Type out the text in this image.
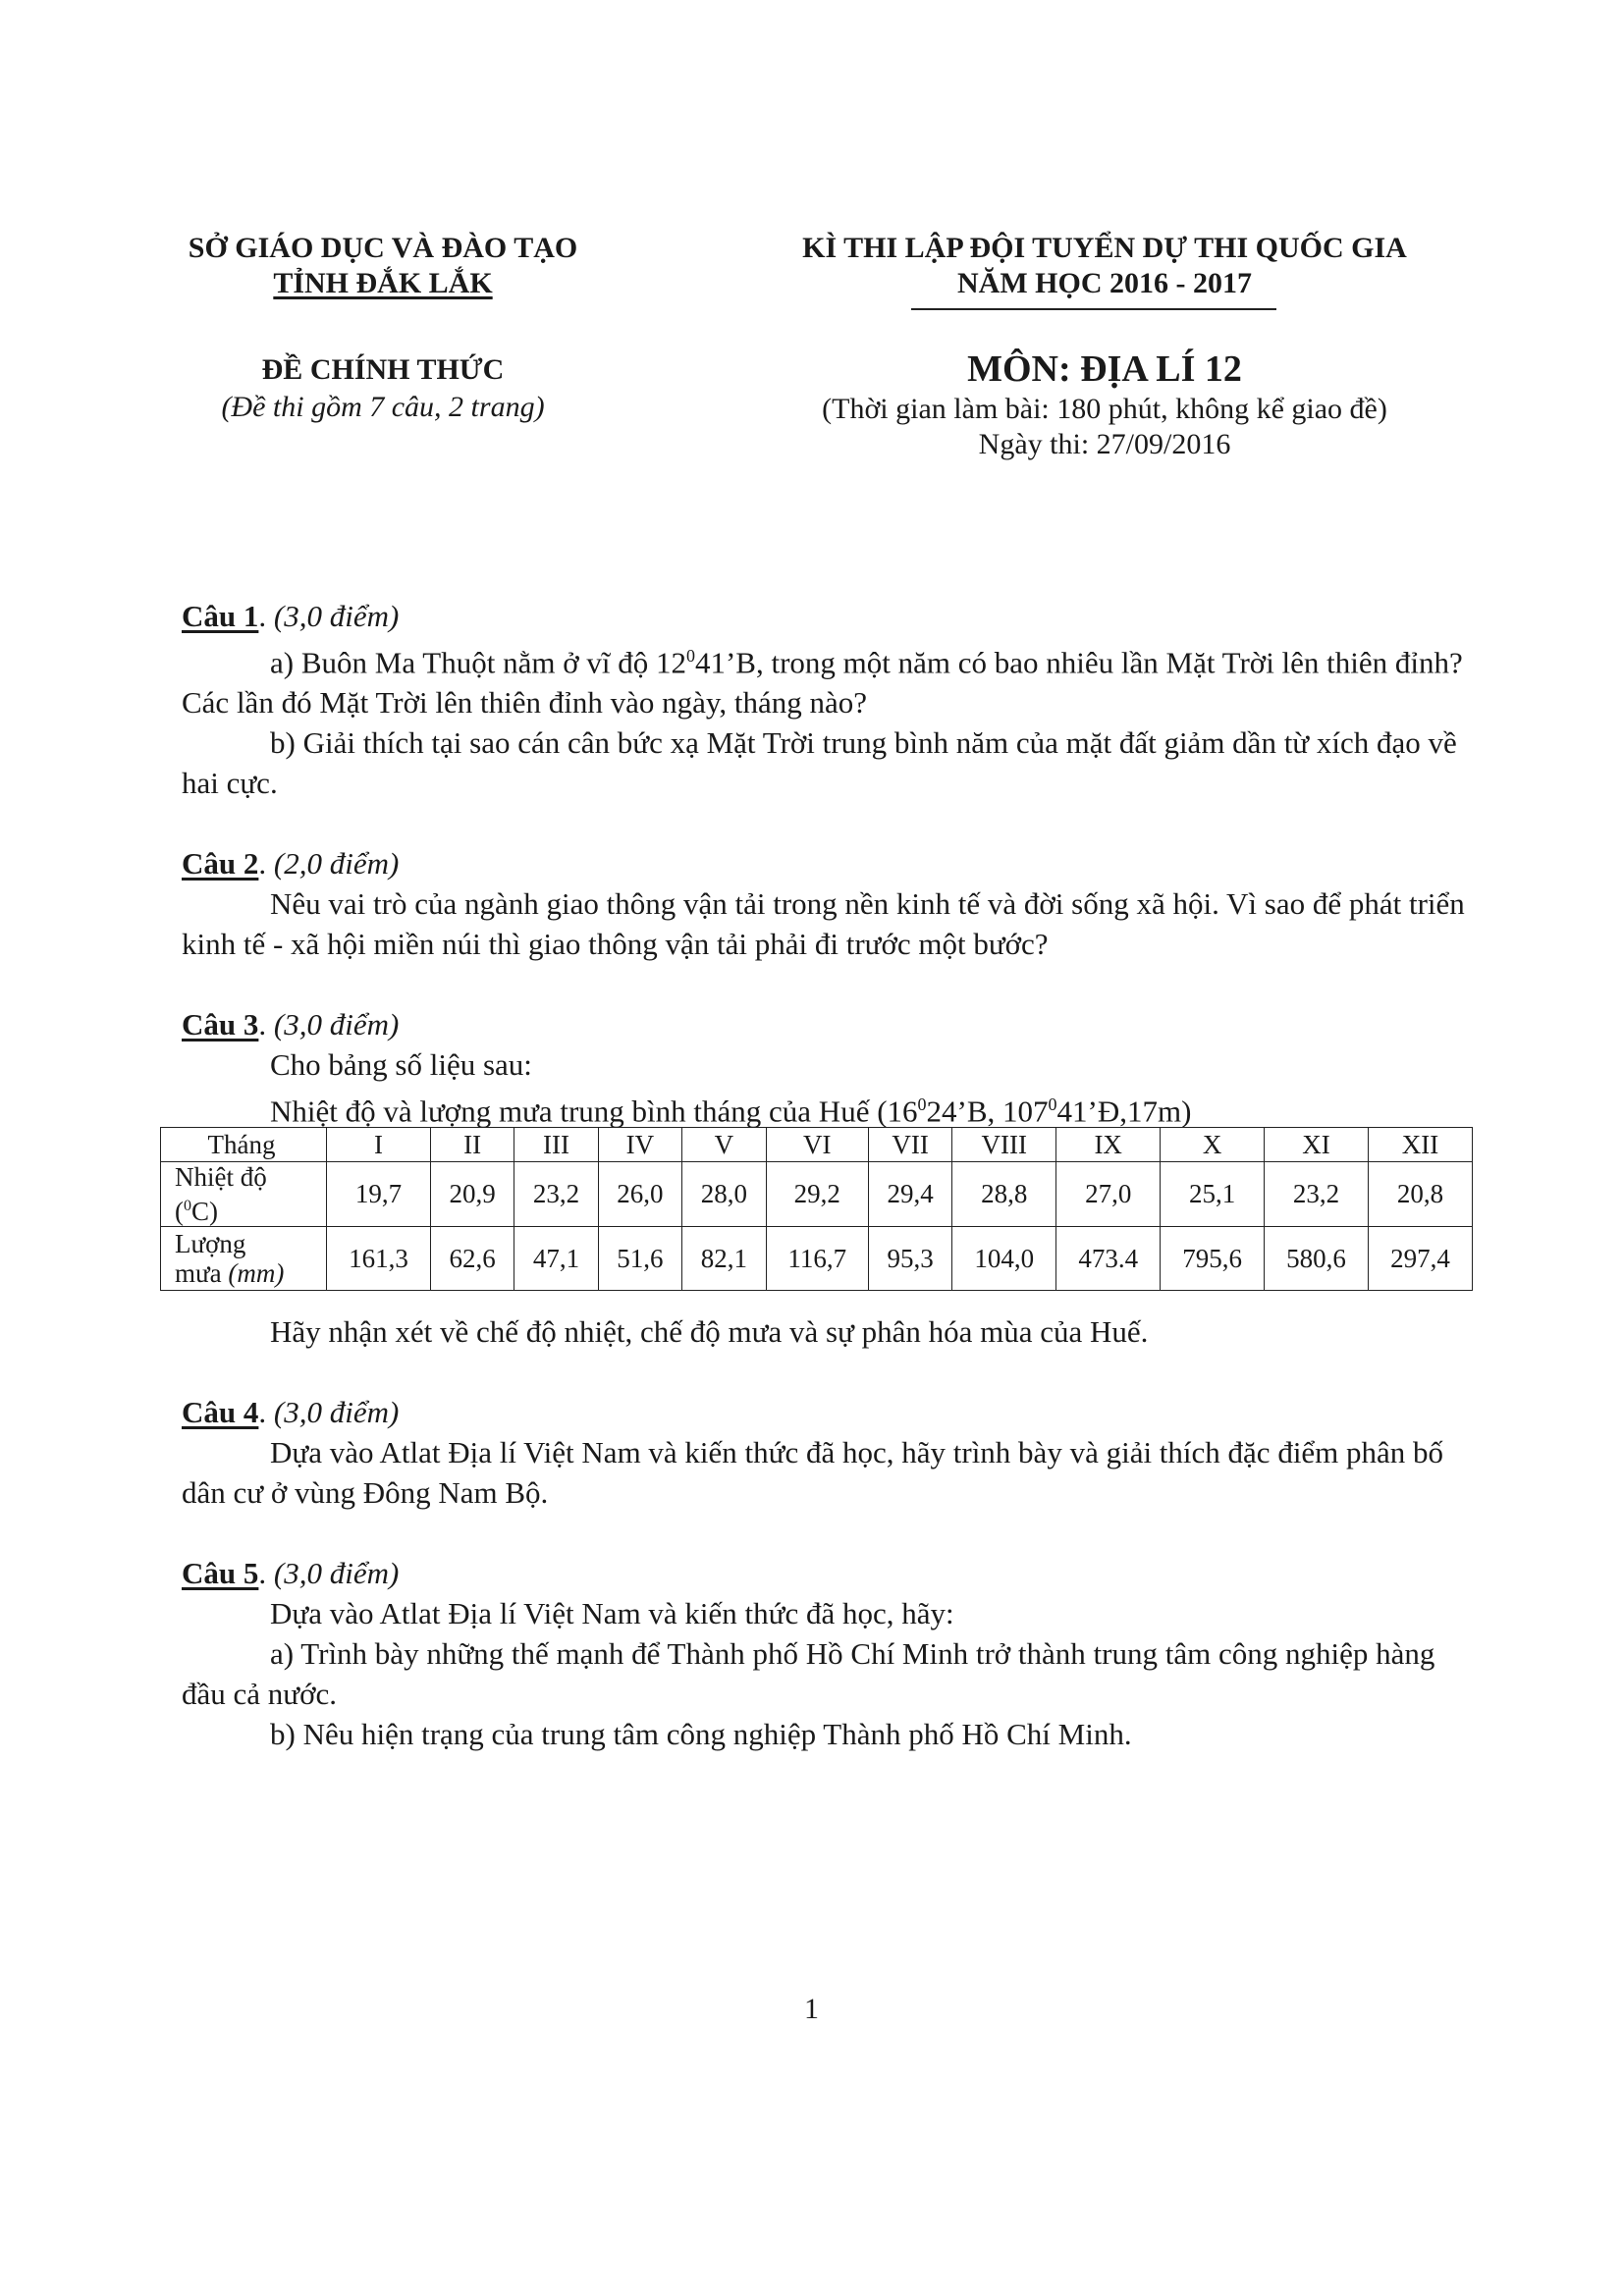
SỞ GIÁO DỤC VÀ ĐÀO TẠO
TỈNH ĐẮK LẮK
ĐỀ CHÍNH THỨC
(Đề thi gồm 7 câu, 2 trang)
KÌ THI LẬP ĐỘI TUYỂN DỰ THI QUỐC GIA
NĂM HỌC 2016 - 2017
MÔN: ĐỊA LÍ 12
(Thời gian làm bài: 180 phút, không kể giao đề)
Ngày thi: 27/09/2016

Câu 1. (3,0 điểm)

a) Buôn Ma Thuột nằm ở vĩ độ $12^041’B$, trong một năm có bao nhiêu lần Mặt Trời lên thiên đỉnh? Các lần đó Mặt Trời lên thiên đỉnh vào ngày, tháng nào?

b) Giải thích tại sao cán cân bức xạ Mặt Trời trung bình năm của mặt đất giảm dần từ xích đạo về hai cực.

Câu 2. (2,0 điểm)

Nêu vai trò của ngành giao thông vận tải trong nền kinh tế và đời sống xã hội. Vì sao để phát triển kinh tế - xã hội miền núi thì giao thông vận tải phải đi trước một bước?

Câu 3. (3,0 điểm)

Cho bảng số liệu sau:

Nhiệt độ và lượng mưa trung bình tháng của Huế ($16^024’B$, $107^041’Đ,17m$)

Tháng	I	II	III	IV	V	VI	VII	VIII	IX	X	XI	XII
Nhiệt độ
($^0$C)	19,7	20,9	23,2	26,0	28,0	29,2	29,4	28,8	27,0	25,1	23,2	20,8
Lượng
mưa (mm)	161,3	62,6	47,1	51,6	82,1	116,7	95,3	104,0	473.4	795,6	580,6	297,4

Hãy nhận xét về chế độ nhiệt, chế độ mưa và sự phân hóa mùa của Huế.

Câu 4. (3,0 điểm)

Dựa vào Atlat Địa lí Việt Nam và kiến thức đã học, hãy trình bày và giải thích đặc điểm phân bố dân cư ở vùng Đông Nam Bộ.

Câu 5. (3,0 điểm)

Dựa vào Atlat Địa lí Việt Nam và kiến thức đã học, hãy:

a) Trình bày những thế mạnh để Thành phố Hồ Chí Minh trở thành trung tâm công nghiệp hàng đầu cả nước.

b) Nêu hiện trạng của trung tâm công nghiệp Thành phố Hồ Chí Minh.

1
